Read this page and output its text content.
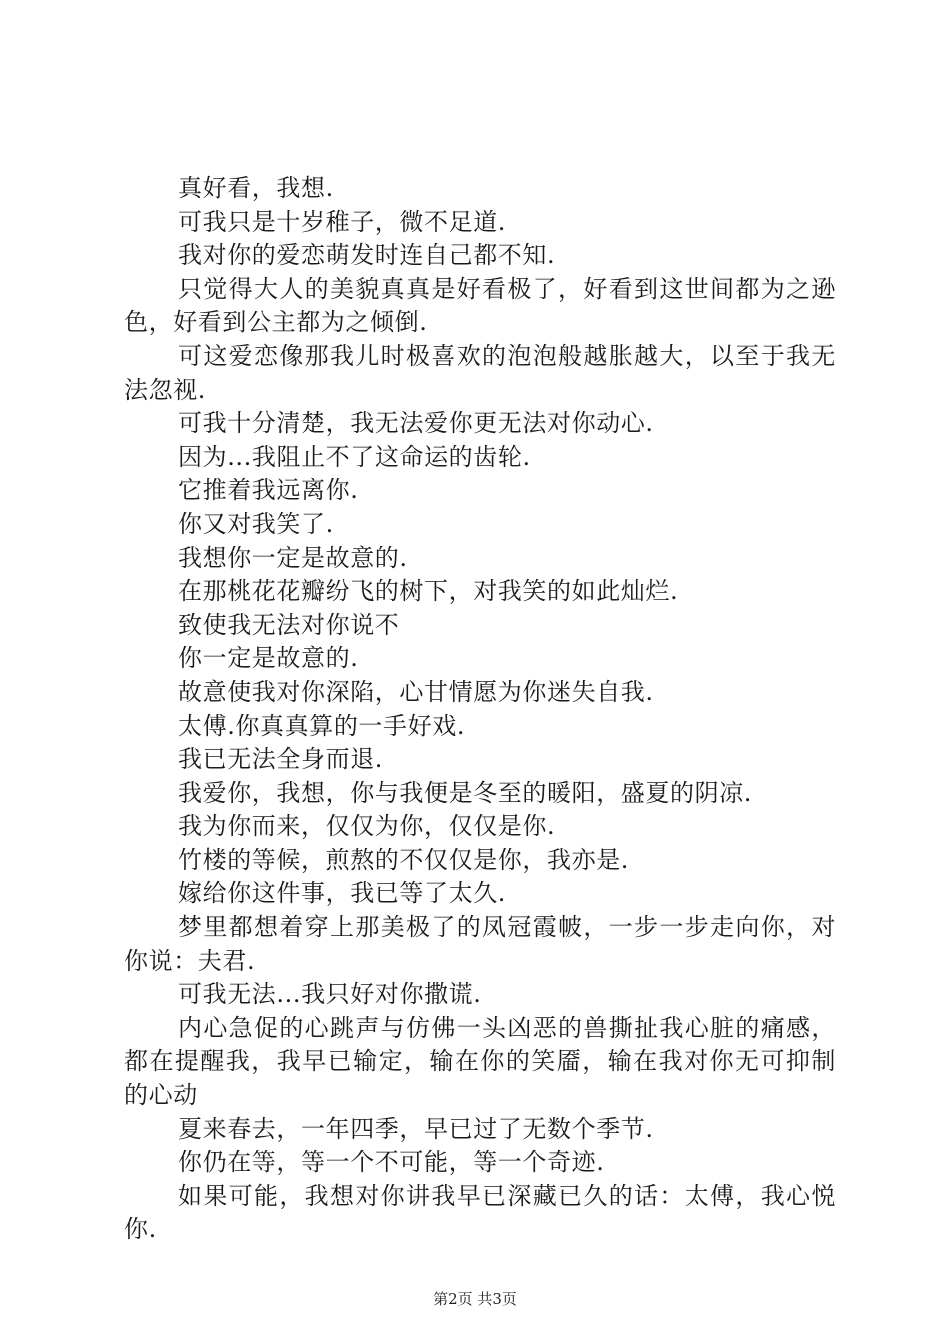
真好看，我想.

可我只是十岁稚子，微不足道.

我对你的爱恋萌发时连自己都不知.

只觉得大人的美貌真真是好看极了，好看到这世间都为之逊色，好看到公主都为之倾倒.

可这爱恋像那我儿时极喜欢的泡泡般越胀越大，以至于我无法忽视.

可我十分清楚，我无法爱你更无法对你动心.

因为...我阻止不了这命运的齿轮.

它推着我远离你.

你又对我笑了.

我想你一定是故意的.

在那桃花花瓣纷飞的树下，对我笑的如此灿烂.

致使我无法对你说不

你一定是故意的.

故意使我对你深陷，心甘情愿为你迷失自我.

太傅.你真真算的一手好戏.

我已无法全身而退.

我爱你，我想，你与我便是冬至的暖阳，盛夏的阴凉.

我为你而来，仅仅为你，仅仅是你.

竹楼的等候，煎熬的不仅仅是你，我亦是.

嫁给你这件事，我已等了太久.

梦里都想着穿上那美极了的凤冠霞帔，一步一步走向你，对你说：夫君.

可我无法...我只好对你撒谎.

内心急促的心跳声与仿佛一头凶恶的兽撕扯我心脏的痛感，都在提醒我，我早已输定，输在你的笑靥，输在我对你无可抑制的心动

夏来春去，一年四季，早已过了无数个季节.

你仍在等，等一个不可能，等一个奇迹.

如果可能，我想对你讲我早已深藏已久的话：太傅，我心悦你.

第2页 共3页
